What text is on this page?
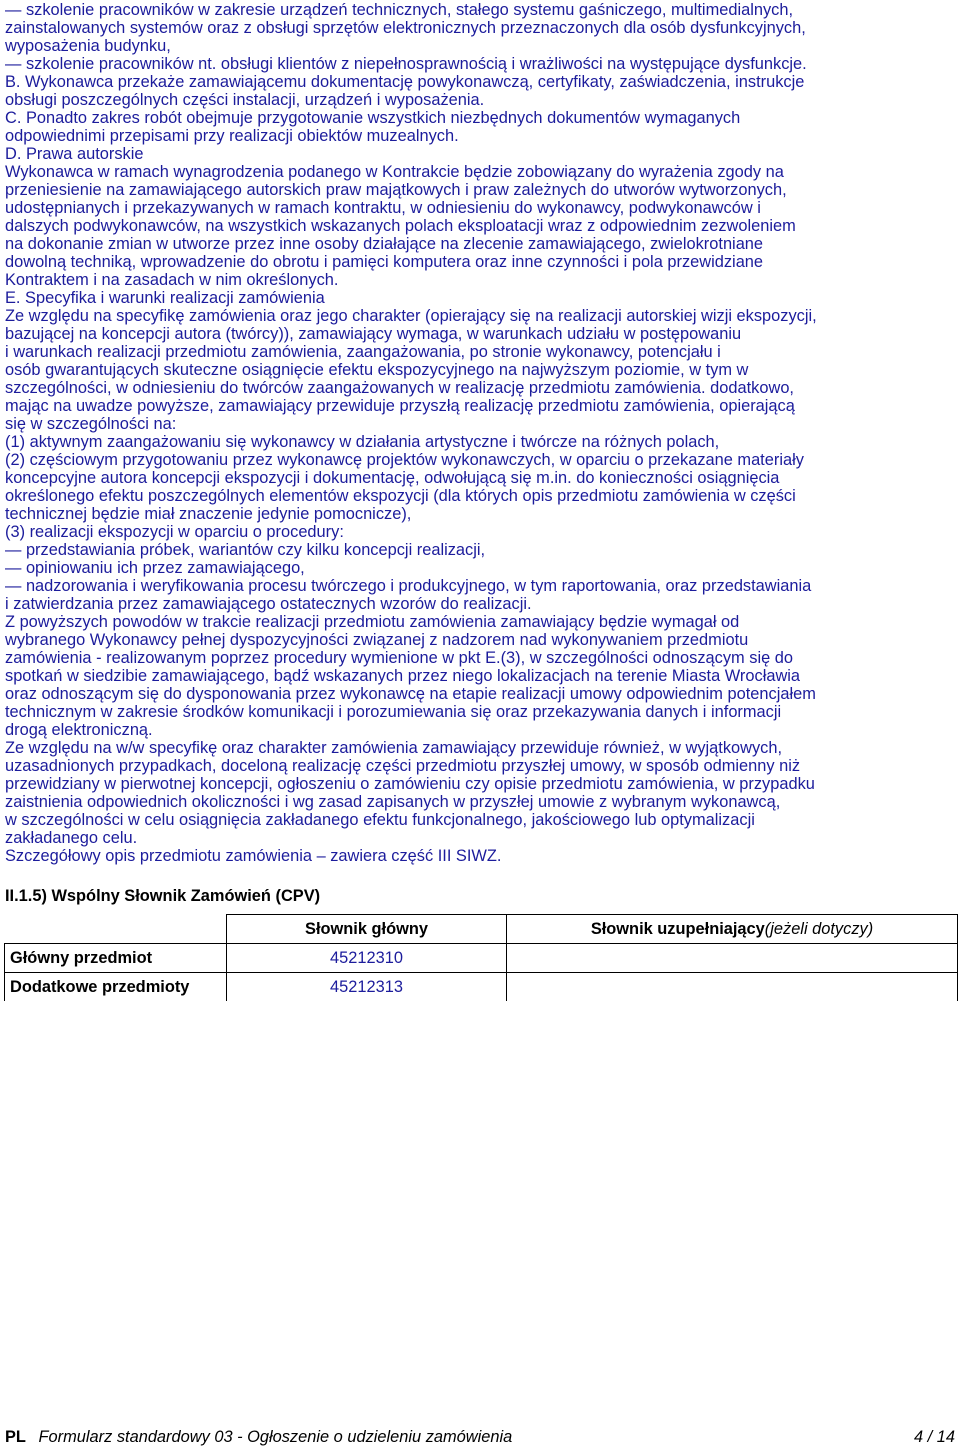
— szkolenie pracowników w zakresie urządzeń technicznych, stałego systemu gaśniczego, multimedialnych,

zainstalowanych systemów oraz z obsługi sprzętów elektronicznych przeznaczonych dla osób dysfunkcyjnych,

wyposażenia budynku,

— szkolenie pracowników nt. obsługi klientów z niepełnosprawnością i wrażliwości na występujące dysfunkcje.

B. Wykonawca przekaże zamawiającemu dokumentację powykonawczą, certyfikaty, zaświadczenia, instrukcje

obsługi poszczególnych części instalacji, urządzeń i wyposażenia.

C. Ponadto zakres robót obejmuje przygotowanie wszystkich niezbędnych dokumentów wymaganych

odpowiednimi przepisami przy realizacji obiektów muzealnych.

D. Prawa autorskie

Wykonawca w ramach wynagrodzenia podanego w Kontrakcie będzie zobowiązany do wyrażenia zgody na

przeniesienie na zamawiającego autorskich praw majątkowych i praw zależnych do utworów wytworzonych,

udostępnianych i przekazywanych w ramach kontraktu, w odniesieniu do wykonawcy, podwykonawców i

dalszych podwykonawców, na wszystkich wskazanych polach eksploatacji wraz z odpowiednim zezwoleniem

na dokonanie zmian w utworze przez inne osoby działające na zlecenie zamawiającego, zwielokrotniane

dowolną techniką, wprowadzenie do obrotu i pamięci komputera oraz inne czynności i pola przewidziane

Kontraktem i na zasadach w nim określonych.

E. Specyfika i warunki realizacji zamówienia

Ze względu na specyfikę zamówienia oraz jego charakter (opierający się na realizacji autorskiej wizji ekspozycji,

bazującej na koncepcji autora (twórcy)), zamawiający wymaga, w warunkach udziału w postępowaniu

i warunkach realizacji przedmiotu zamówienia, zaangażowania, po stronie wykonawcy, potencjału i

osób gwarantujących skuteczne osiągnięcie efektu ekspozycyjnego na najwyższym poziomie, w tym w

szczególności, w odniesieniu do twórców zaangażowanych w realizację przedmiotu zamówienia. dodatkowo,

mając na uwadze powyższe, zamawiający przewiduje przyszłą realizację przedmiotu zamówienia, opierającą

się w szczególności na:

(1) aktywnym zaangażowaniu się wykonawcy w działania artystyczne i twórcze na różnych polach,

(2) częściowym przygotowaniu przez wykonawcę projektów wykonawczych, w oparciu o przekazane materiały

koncepcyjne autora koncepcji ekspozycji i dokumentację, odwołującą się m.in. do konieczności osiągnięcia

określonego efektu poszczególnych elementów ekspozycji (dla których opis przedmiotu zamówienia w części

technicznej będzie miał znaczenie jedynie pomocnicze),

(3) realizacji ekspozycji w oparciu o procedury:

— przedstawiania próbek, wariantów czy kilku koncepcji realizacji,

— opiniowaniu ich przez zamawiającego,

— nadzorowania i weryfikowania procesu twórczego i produkcyjnego, w tym raportowania, oraz przedstawiania

i zatwierdzania przez zamawiającego ostatecznych wzorów do realizacji.

Z powyższych powodów w trakcie realizacji przedmiotu zamówienia zamawiający będzie wymagał od

wybranego Wykonawcy pełnej dyspozycyjności związanej z nadzorem nad wykonywaniem przedmiotu

zamówienia - realizowanym poprzez procedury wymienione w pkt E.(3), w szczególności odnoszącym się do

spotkań w siedzibie zamawiającego, bądź wskazanych przez niego lokalizacjach na terenie Miasta Wrocławia

oraz odnoszącym się do dysponowania przez wykonawcę na etapie realizacji umowy odpowiednim potencjałem

technicznym w zakresie środków komunikacji i porozumiewania się oraz przekazywania danych i informacji

drogą elektroniczną.

Ze względu na w/w specyfikę oraz charakter zamówienia zamawiający przewiduje również, w wyjątkowych,

uzasadnionych przypadkach, doceloną realizację części przedmiotu przyszłej umowy, w sposób odmienny niż

przewidziany w pierwotnej koncepcji, ogłoszeniu o zamówieniu czy opisie przedmiotu zamówienia, w przypadku

zaistnienia odpowiednich okoliczności i wg zasad zapisanych w przyszłej umowie z wybranym wykonawcą,

w szczególności w celu osiągnięcia zakładanego efektu funkcjonalnego, jakościowego lub optymalizacji

zakładanego celu.

Szczegółowy opis przedmiotu zamówienia – zawiera część III SIWZ.

II.1.5) Wspólny Słownik Zamówień (CPV)
	Słownik główny	Słownik uzupełniający(jeżeli dotyczy)
Główny przedmiot	45212310	
Dodatkowe przedmioty	45212313	
PL Formularz standardowy 03 - Ogłoszenie o udzieleniu zamówienia	4 / 14
